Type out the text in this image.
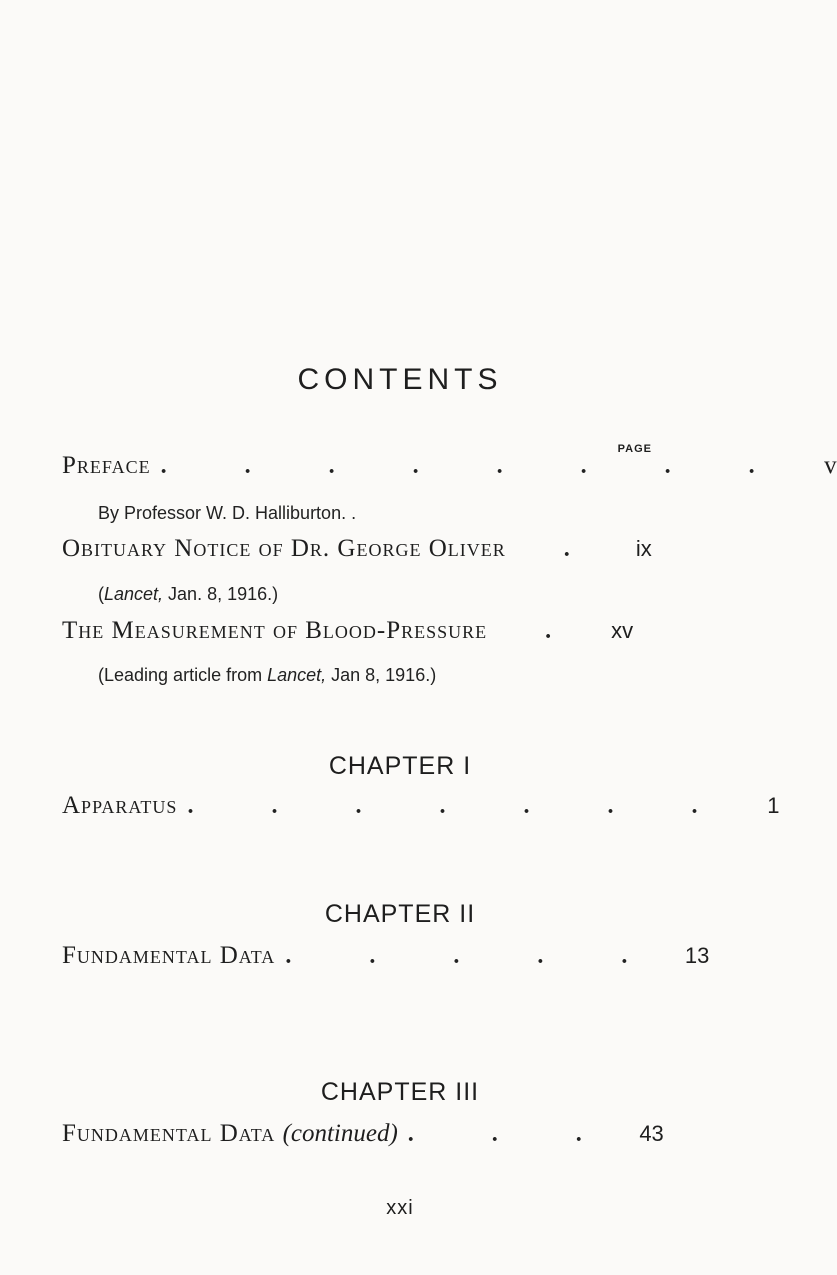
CONTENTS
PAGE
Preface . . . . . . . .	v
By Professor W. D. Halliburton. .
Obituary Notice of Dr. George Oliver	.	ix
(Lancet, Jan. 8, 1916.)
The Measurement of Blood-Pressure	.	xv
(Leading article from Lancet, Jan 8, 1916.)
CHAPTER I
Apparatus . . . . . . .	1
CHAPTER II
Fundamental Data . . . . . 13
CHAPTER III
Fundamental Data (continued) . . . 43
xxi
